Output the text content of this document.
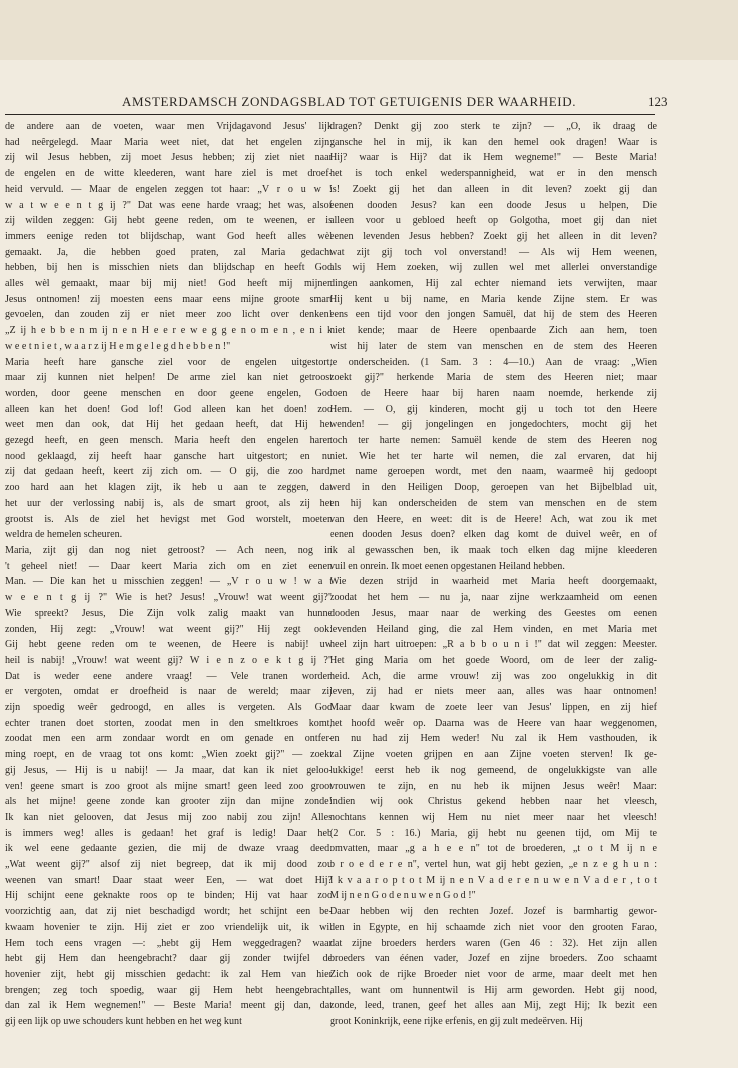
AMSTERDAMSCH ZONDAGSBLAD TOT GETUIGENIS DER WAARHEID.	123

de andere aan de voeten, waar men Vrijdagavond Jesus' lijk

had neêrgelegd. Maar Maria weet niet, dat het engelen zijn;

zij wil Jesus hebben, zij moet Jesus hebben; zij ziet niet naar

de engelen en de witte kleederen, want hare ziel is met droef-

heid vervuld. — Maar de engelen zeggen tot haar: „V r o u w !

w a t w e e n t g ij ?" Dat was eene harde vraag; het was, alsof

zij wilden zeggen: Gij hebt geene reden, om te weenen, er is

immers eenige reden tot blijdschap, want God heeft alles wèl

gemaakt. Ja, die hebben goed praten, zal Maria gedacht

hebben, bij hen is misschien niets dan blijdschap en heeft God

alles wèl gemaakt, maar bij mij niet! God heeft mij mijnen

Jesus ontnomen! zij moesten eens maar eens mijne groote smart

gevoelen, dan zouden zij er niet meer zoo licht over denken!

„Z ij h e b b e n m ij n e n H e e r e w e g g e n o m e n , e n i k

w e e t n i e t , w a a r z ij H e m g e l e g d h e b b e n !"

Maria heeft hare gansche ziel voor de engelen uitgestort,

maar zij kunnen niet helpen! De arme ziel kan niet getroost

worden, door geene menschen en door geene engelen, God

alleen kan het doen! God lof! God alleen kan het doen! zoo

weet men dan ook, dat Hij het gedaan heeft, dat Hij het

gezegd heeft, en geen mensch. Maria heeft den engelen haren

nood geklaagd, zij heeft haar gansche hart uitgestort; en nu

zij dat gedaan heeft, keert zij zich om. — O gij, die zoo hard,

zoo hard aan het klagen zijt, ik heb u aan te zeggen, dat

het uur der verlossing nabij is, als de smart groot, als zij het

grootst is. Als de ziel het hevigst met God worstelt, moeten

weldra de hemelen scheuren.

Maria, zijt gij dan nog niet getroost? — Ach neen, nog in

't geheel niet! — Daar keert Maria zich om en ziet eenen

Man. — Die kan het u misschien zeggen! — „V r o u w ! w a t

w e e n t g ij ?" Wie is het? Jesus! „Vrouw! wat weent gij?"

Wie spreekt? Jesus, Die Zijn volk zalig maakt van hunne

zonden, Hij zegt: „Vrouw! wat weent gij?" Hij zegt ook:

Gij hebt geene reden om te weenen, de Heere is nabij! uw

heil is nabij! „Vrouw! wat weent gij? W i e n z o e k t g ij ?"

Dat is weder eene andere vraag! — Vele tranen worden

er vergoten, omdat er droefheid is naar de wereld; maar zij

zijn spoedig weêr gedroogd, en alles is vergeten. Als God

echter tranen doet storten, zoodat men in den smeltkroes komt,

zoodat men een arm zondaar wordt en om genade en ontfer-

ming roept, en de vraag tot ons komt: „Wien zoekt gij?" — zoekt

gij Jesus, — Hij is u nabij! — Ja maar, dat kan ik niet geloo-

ven! geene smart is zoo groot als mijne smart! geen leed zoo groot

als het mijne! geene zonde kan grooter zijn dan mijne zonde!

Ik kan niet gelooven, dat Jesus mij zoo nabij zou zijn! Alles

is immers weg! alles is gedaan! het graf is ledig! Daar heb

ik wel eene gedaante gezien, die mij de dwaze vraag deed:

„Wat weent gij?" alsof zij niet begreep, dat ik mij dood zou

weenen van smart! Daar staat weer Een, — wat doet Hij?

Hij schijnt eene geknakte roos op te binden; Hij vat haar zoo

voorzichtig aan, dat zij niet beschadigd wordt; het schijnt een be-

kwaam hovenier te zijn. Hij ziet er zoo vriendelijk uit, ik wil

Hem toch eens vragen —: „hebt gij Hem weggedragen? waar

hebt gij Hem dan heengebracht? daar gij zonder twijfel de

hovenier zijt, hebt gij misschien gedacht: ik zal Hem van hier

brengen; zeg toch spoedig, waar gij Hem hebt heengebracht,

dan zal ik Hem wegnemen!" — Beste Maria! meent gij dan, dat

gij een lijk op uwe schouders kunt hebben en het weg kunt

dragen? Denkt gij zoo sterk te zijn? — „O, ik draag de

gansche hel in mij, ik kan den hemel ook dragen! Waar is

Hij? waar is Hij? dat ik Hem wegneme!" — Beste Maria!

het is toch enkel wederspannigheid, wat er in den mensch

is! Zoekt gij het dan alleen in dit leven? zoekt gij dan

eenen dooden Jesus? kan een doode Jesus u helpen, Die

alleen voor u gebloed heeft op Golgotha, moet gij dan niet

eenen levenden Jesus hebben? Zoekt gij het alleen in dit leven?

wat zijt gij toch vol onverstand! — Als wij Hem weenen,

als wij Hem zoeken, wij zullen wel met allerlei onverstandige

dingen aankomen, Hij zal echter niemand iets verwijten, maar

Hij kent u bij name, en Maria kende Zijne stem. Er was

eens een tijd voor den jongen Samuël, dat hij de stem des Heeren

niet kende; maar de Heere openbaarde Zich aan hem, toen

wist hij later de stem van menschen en de stem des Heeren

te onderscheiden. (1 Sam. 3 : 4—10.) Aan de vraag: „Wien

zoekt gij?" herkende Maria de stem des Heeren niet; maar

toen de Heere haar bij haren naam noemde, herkende zij

Hem. — O, gij kinderen, mocht gij u toch tot den Heere

wenden! — gij jongelingen en jongedochters, mocht gij het

toch ter harte nemen: Samuël kende de stem des Heeren nog

niet. Wie het ter harte wil nemen, die zal ervaren, dat hij

met name geroepen wordt, met den naam, waarmeê hij gedoopt

werd in den Heiligen Doop, geroepen van het Bijbelblad uit,

en hij kan onderscheiden de stem van menschen en de stem

van den Heere, en weet: dit is de Heere! Ach, wat zou ik met

eenen dooden Jesus doen? elken dag komt de duivel weêr, en of

ik al gewasschen ben, ik maak toch elken dag mijne kleederen

vuil en onrein. Ik moet eenen opgestanen Heiland hebben.

Wie dezen strijd in waarheid met Maria heeft doorgemaakt,

zoodat het hem — nu ja, naar zijne werkzaamheid om eenen

dooden Jesus, maar naar de werking des Geestes om eenen

levenden Heiland ging, die zal Hem vinden, en met Maria met

heel zijn hart uitroepen: „R a b b o u n i !" dat wil zeggen: Meester.

Het ging Maria om het goede Woord, om de leer der zalig-

heid. Ach, die arme vrouw! zij was zoo ongelukkig in dit

leven, zij had er niets meer aan, alles was haar ontnomen!

Maar daar kwam de zoete leer van Jesus' lippen, en zij hief

het hoofd weêr op. Daarna was de Heere van haar weggenomen,

en nu had zij Hem weder! Nu zal ik Hem vasthouden, ik

zal Zijne voeten grijpen en aan Zijne voeten sterven! Ik ge-

lukkige! eerst heb ik nog gemeend, de ongelukkigste van alle

vrouwen te zijn, en nu heb ik mijnen Jesus weêr! Maar:

indien wij ook Christus gekend hebben naar het vleesch,

nochtans kennen wij Hem nu niet meer naar het vleesch!

(2 Cor. 5 : 16.) Maria, gij hebt nu geenen tijd, om Mij te

omvatten, maar „g a h e e n" tot de broederen, „t o t M ij n e

b r o e d e r e n", vertel hun, wat gij hebt gezien, „e n z e g h u n :

I k v a a r o p t o t M ij n e n V a d e r e n u w e n V a d e r , t o t

M ij n e n G o d e n u w e n G o d !"

Daar hebben wij den rechten Jozef. Jozef is barmhartig gewor-

den in Egypte, en hij schaamde zich niet voor den grooten Farao,

dat zijne broeders herders waren (Gen 46 : 32). Het zijn allen

broeders van éénen vader, Jozef en zijne broeders. Zoo schaamt

Zich ook de rijke Broeder niet voor de arme, maar deelt met hen

alles, want om hunnentwil is Hij arm geworden. Hebt gij nood,

zonde, leed, tranen, geef het alles aan Mij, zegt Hij; Ik bezit een

groot Koninkrijk, eene rijke erfenis, en gij zult medeërven. Hij
